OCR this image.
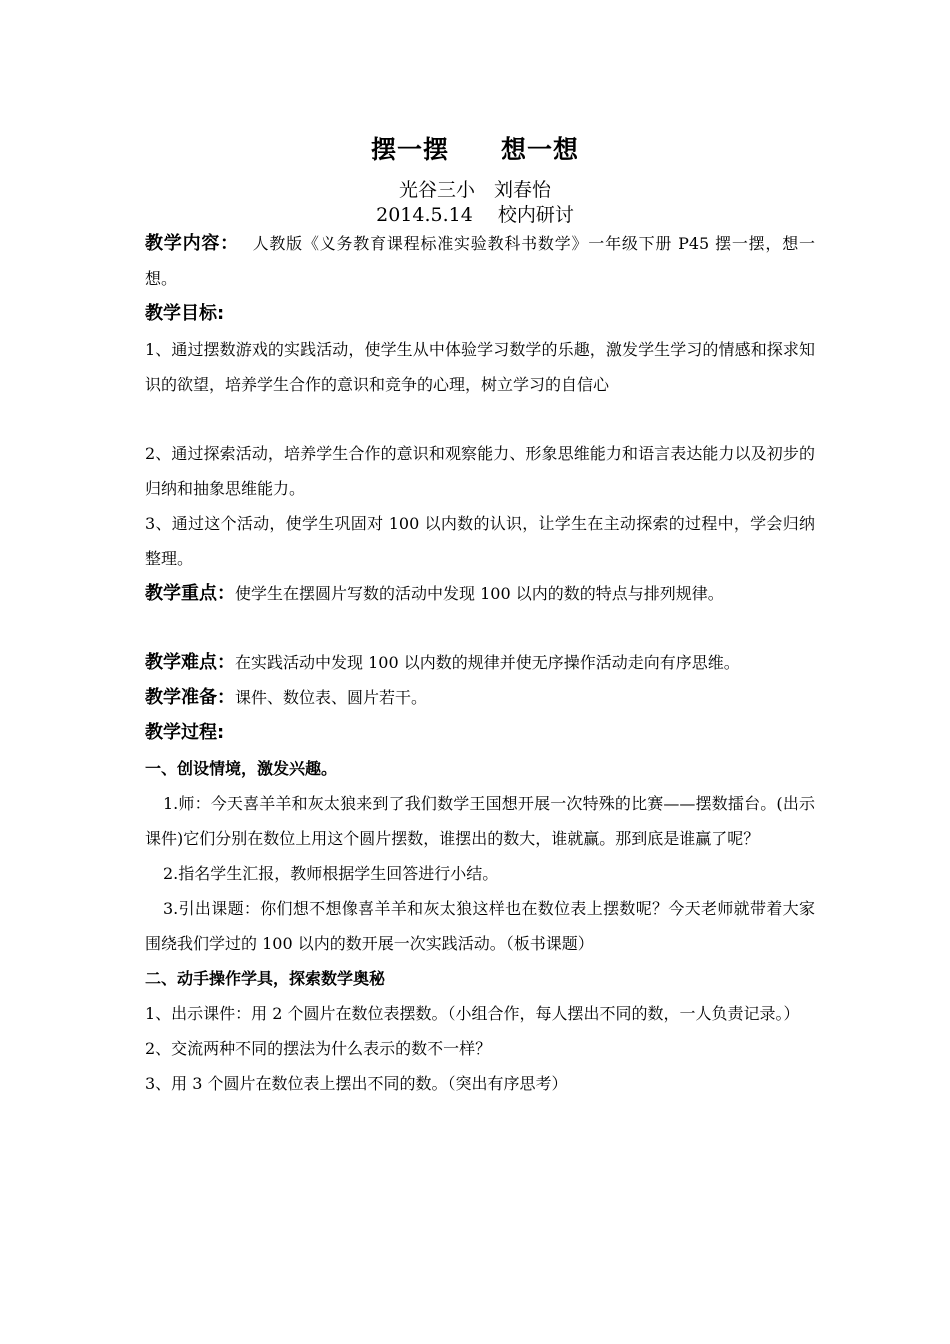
摆一摆　　想一想
光谷三小　刘春怡
2014.5.14　 校内研讨

教学内容：　 人教版《义务教育课程标准实验教科书数学》一年级下册 P45 摆一摆，想一想。

教学目标:

1、通过摆数游戏的实践活动，使学生从中体验学习数学的乐趣，激发学生学习的情感和探求知识的欲望，培养学生合作的意识和竞争的心理，树立学习的自信心

2、通过探索活动，培养学生合作的意识和观察能力、形象思维能力和语言表达能力以及初步的归纳和抽象思维能力。

3、通过这个活动，使学生巩固对 100 以内数的认识，让学生在主动探索的过程中，学会归纳整理。

教学重点：使学生在摆圆片写数的活动中发现 100 以内的数的特点与排列规律。

教学难点：在实践活动中发现 100 以内数的规律并使无序操作活动走向有序思维。

教学准备：课件、数位表、圆片若干。

教学过程:

一、创设情境，激发兴趣。

1.师：今天喜羊羊和灰太狼来到了我们数学王国想开展一次特殊的比赛——摆数擂台。(出示课件)它们分别在数位上用这个圆片摆数，谁摆出的数大，谁就赢。那到底是谁赢了呢？

2.指名学生汇报，教师根据学生回答进行小结。

3.引出课题：你们想不想像喜羊羊和灰太狼这样也在数位表上摆数呢？今天老师就带着大家围绕我们学过的 100 以内的数开展一次实践活动。（板书课题）

二、动手操作学具，探索数学奥秘

1、出示课件：用 2 个圆片在数位表摆数。（小组合作，每人摆出不同的数，一人负责记录。）

2、交流两种不同的摆法为什么表示的数不一样？

3、用 3 个圆片在数位表上摆出不同的数。（突出有序思考）
